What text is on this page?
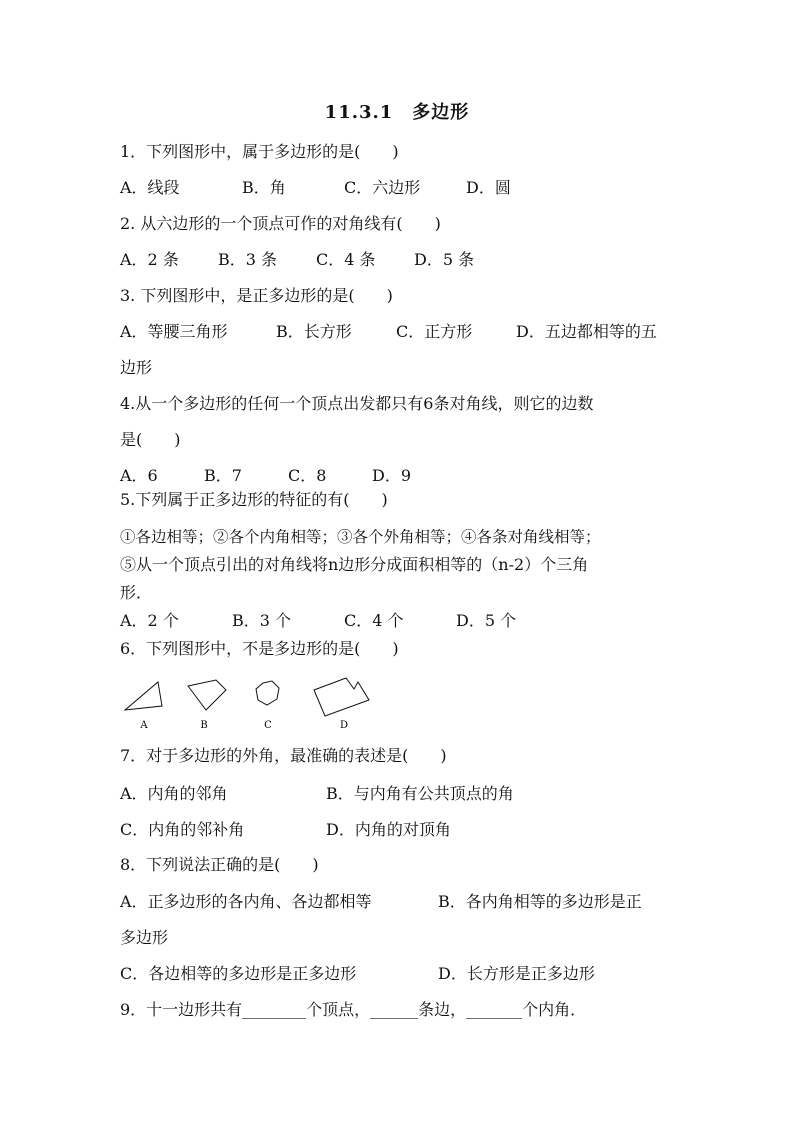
11.3.1　多边形
1．下列图形中，属于多边形的是(　　)
A．线段	B．角	C．六边形	D．圆
2. 从六边形的一个顶点可作的对角线有(　　)
A．2 条 B．3 条 C．4 条 D．5 条
3. 下列图形中，是正多边形的是(　　)
A．等腰三角形	B．长方形	C．正方形	D．五边都相等的五
边形
4.从一个多边形的任何一个顶点出发都只有6条对角线，则它的边数
是(　　)
A．6	B．7	C．8	D．9
5.下列属于正多边形的特征的有(　　)
①各边相等；②各个内角相等；③各个外角相等；④各条对角线相等；
⑤从一个顶点引出的对角线将n边形分成面积相等的（n-2）个三角
形．
A．2 个	B．3 个	C．4 个	D．5 个
6．下列图形中，不是多边形的是(　　)
A	B	C	D
7．对于多边形的外角，最准确的表述是(　　)
A．内角的邻角	B．与内角有公共顶点的角
C．内角的邻补角	D．内角的对顶角
8．下列说法正确的是(　　)
A．正多边形的各内角、各边都相等	B．各内角相等的多边形是正
多边形
C．各边相等的多边形是正多边形	D．长方形是正多边形
9．十一边形共有________个顶点，______条边，_______个内角．
